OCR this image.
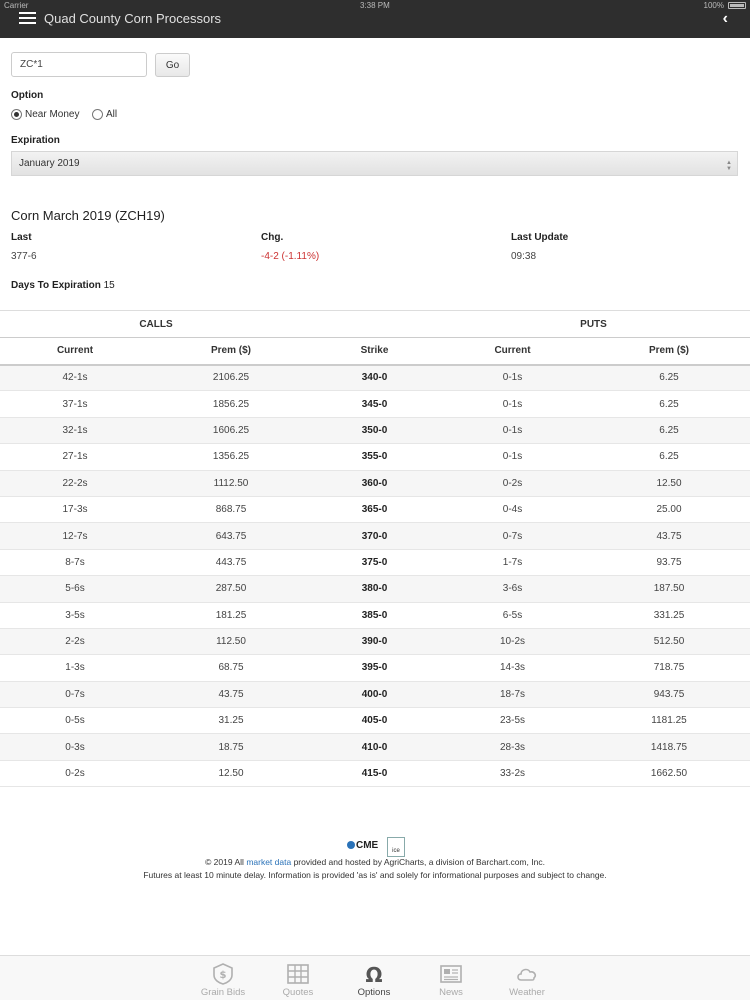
Carrier	3:38 PM	100%
Quad County Corn Processors	‹
ZC*1
Go
Option
Near Money	All
Expiration
January 2019	▲
▼
Corn March 2019 (ZCH19)
Last
377-6
Chg.
-4-2 (-1.11%)
Last Update
09:38
Days To Expiration 15
CALLS			PUTS	
Current	Prem ($)	Strike	Current	Prem ($)
42-1s	2106.25	340-0	0-1s	6.25
37-1s	1856.25	345-0	0-1s	6.25
32-1s	1606.25	350-0	0-1s	6.25
27-1s	1356.25	355-0	0-1s	6.25
22-2s	1112.50	360-0	0-2s	12.50
17-3s	868.75	365-0	0-4s	25.00
12-7s	643.75	370-0	0-7s	43.75
8-7s	443.75	375-0	1-7s	93.75
5-6s	287.50	380-0	3-6s	187.50
3-5s	181.25	385-0	6-5s	331.25
2-2s	112.50	390-0	10-2s	512.50
1-3s	68.75	395-0	14-3s	718.75
0-7s	43.75	400-0	18-7s	943.75
0-5s	31.25	405-0	23-5s	1181.25
0-3s	18.75	410-0	28-3s	1418.75
0-2s	12.50	415-0	33-2s	1662.50
CME	ice
© 2019 All market data provided and hosted by AgriCharts, a division of Barchart.com, Inc.
Futures at least 10 minute delay. Information is provided 'as is' and solely for informational purposes and subject to change.
$
Grain Bids	Quotes
Ω
Options	News	Weather
